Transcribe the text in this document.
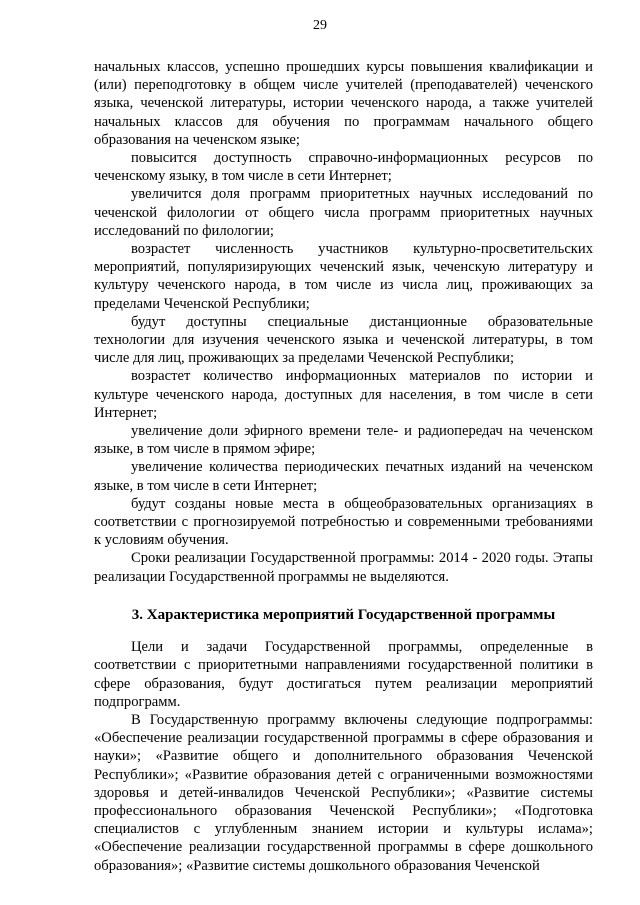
29

начальных классов, успешно прошедших курсы повышения квалификации и (или) переподготовку в общем числе учителей (преподавателей) чеченского языка, чеченской литературы, истории чеченского народа, а также учителей начальных классов для обучения по программам начального общего образования на чеченском языке;

повысится доступность справочно-информационных ресурсов по чеченскому языку, в том числе в сети Интернет;

увеличится доля программ приоритетных научных исследований по чеченской филологии от общего числа программ приоритетных научных исследований по филологии;

возрастет численность участников культурно-просветительских мероприятий, популяризирующих чеченский язык, чеченскую литературу и культуру чеченского народа, в том числе из числа лиц, проживающих за пределами Чеченской Республики;

будут доступны специальные дистанционные образовательные технологии для изучения чеченского языка и чеченской литературы, в том числе для лиц, проживающих за пределами Чеченской Республики;

возрастет количество информационных материалов по истории и культуре чеченского народа, доступных для населения, в том числе в сети Интернет;

увеличение доли эфирного времени теле- и радиопередач на чеченском языке, в том числе в прямом эфире;

увеличение количества периодических печатных изданий на чеченском языке, в том числе в сети Интернет;

будут созданы новые места в общеобразовательных организациях в соответствии с прогнозируемой потребностью и современными требованиями к условиям обучения.

Сроки реализации Государственной программы: 2014 - 2020 годы. Этапы реализации Государственной программы не выделяются.

3. Характеристика мероприятий Государственной программы

Цели и задачи Государственной программы, определенные в соответствии с приоритетными направлениями государственной политики в сфере образования, будут достигаться путем реализации мероприятий подпрограмм.

В Государственную программу включены следующие подпрограммы: «Обеспечение реализации государственной программы в сфере образования и науки»; «Развитие общего и дополнительного образования Чеченской Республики»; «Развитие образования детей с ограниченными возможностями здоровья и детей-инвалидов Чеченской Республики»; «Развитие системы профессионального образования Чеченской Республики»; «Подготовка специалистов с углубленным знанием истории и культуры ислама»; «Обеспечение реализации государственной программы в сфере дошкольного образования»; «Развитие системы дошкольного образования Чеченской
